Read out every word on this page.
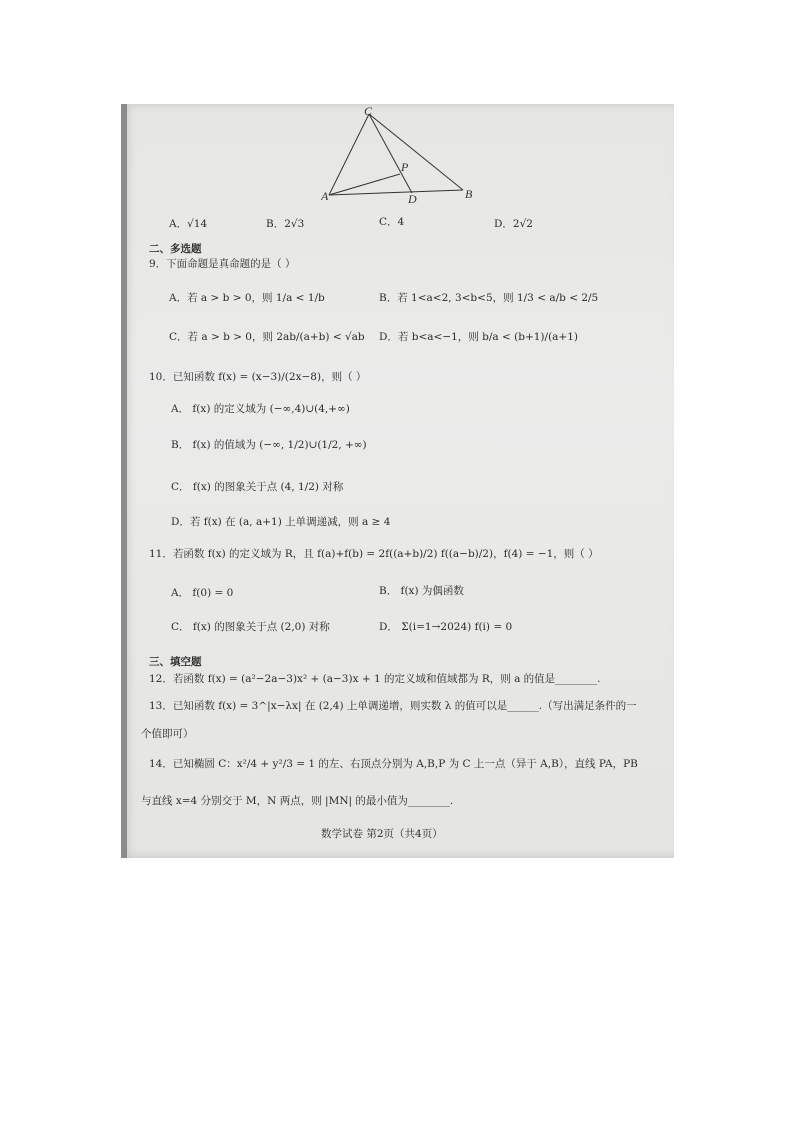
C
P
A	D	B
A．√14	B．2√3	C．4	D．2√2
二、多选题
9．下面命题是真命题的是（ ）
A．若 a > b > 0，则 1/a < 1/b	B．若 1<a<2, 3<b<5，则 1/3 < a/b < 2/5
C．若 a > b > 0，则 2ab/(a+b) < √ab D．若 b<a<−1，则 b/a < (b+1)/(a+1)
10．已知函数 f(x) = (x−3)/(2x−8)，则（ ）
A． f(x) 的定义域为 (−∞,4)∪(4,+∞)
B． f(x) 的值域为 (−∞, 1/2)∪(1/2, +∞)
C． f(x) 的图象关于点 (4, 1/2) 对称
D．若 f(x) 在 (a, a+1) 上单调递减，则 a ≥ 4
11．若函数 f(x) 的定义域为 R，且 f(a)+f(b) = 2f((a+b)/2) f((a−b)/2)，f(4) = −1，则（ ）
A． f(0) = 0	B． f(x) 为偶函数
C． f(x) 的图象关于点 (2,0) 对称	D． Σ(i=1→2024) f(i) = 0
三、填空题
12．若函数 f(x) = (a²−2a−3)x² + (a−3)x + 1 的定义域和值域都为 R，则 a 的值是________.
13．已知函数 f(x) = 3^|x−λx| 在 (2,4) 上单调递增，则实数 λ 的值可以是______.（写出满足条件的一
个值即可）
14．已知椭圆 C：x²/4 + y²/3 = 1 的左、右顶点分别为 A,B,P 为 C 上一点（异于 A,B），直线 PA，PB
与直线 x=4 分别交于 M，N 两点，则 |MN| 的最小值为________.
数学试卷 第2页（共4页）
